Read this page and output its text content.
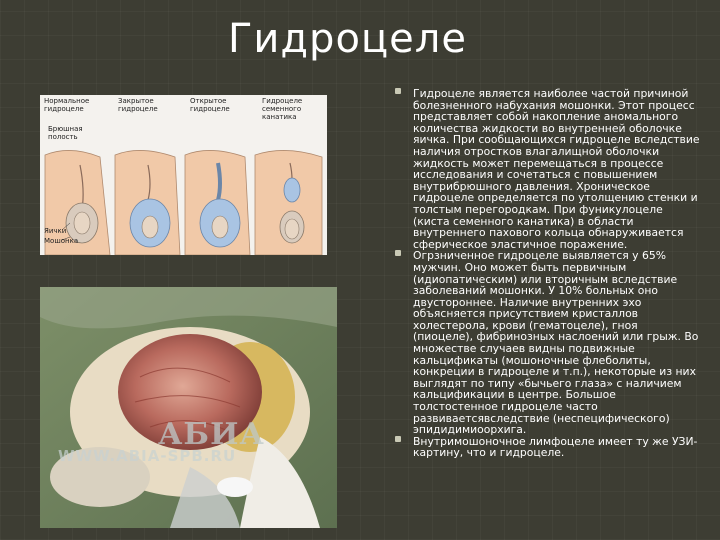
Гидроцеле
Нормальное
гидроцеле
Закрытое
гидроцеле
Открытое
гидроцеле
Гидроцеле
семенного
канатика
Брюшная
полость
Яички
Мошонка
АБИА
WWW.ABIA-SPB.RU
Гидроцеле является наиболее частой причиной болезненного набухания мошонки. Этот процесс представляет собой накопление аномального количества жидкости во внутренней оболочке яичка. При сообщающихся гидроцеле вследствие наличия отростков влагалищной оболочки жидкость может перемещаться в процессе исследования и сочетаться с повышением внутрибрюшного давления. Хроническое гидроцеле определяется по утолщению стенки и толстым перегородкам. При фуникулоцеле (киста семенного канатика) в области внутреннего пахового кольца обнаруживается сферическое эластичное поражение.
Огрзниченное гидроцеле выявляется у 65% мужчин. Оно может быть первичным (идиопатическим) или вторичным вследствие заболеваний мошонки. У 10% больных оно двустороннее. Наличие внутренних эхо объясняется присутствием кристаллов холестерола, крови (гематоцеле), гноя (пиоцеле), фибринозных наслоений или грыж. Во множестве случаев видны подвижные кальцификаты (мошоночные флеболиты, конкреции в гидроцеле и т.п.), некоторые из них выглядят по типу «бычьего глаза» с наличием кальцификации в центре. Большое толстостенное гидроцеле часто развиваетсявследствие (неспецифического) эпидидимиоорхига.
Внутримошоночное лимфоцеле имеет ту же УЗИ-картину, что и гидроцеле.
